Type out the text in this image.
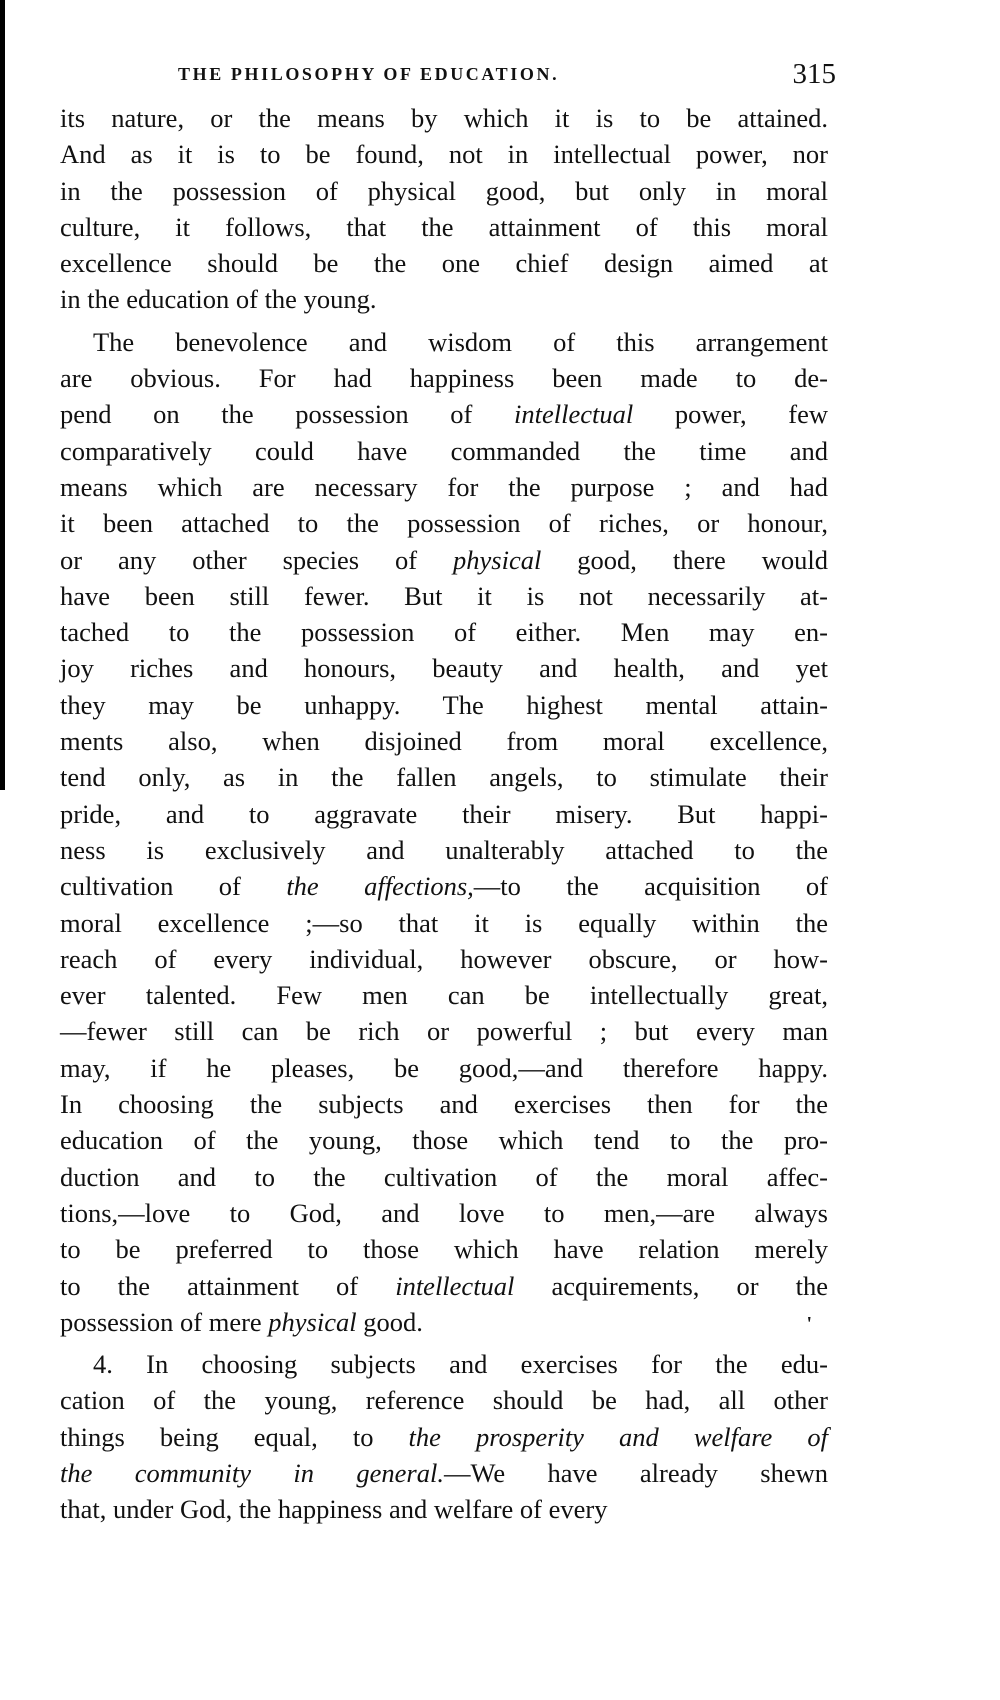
THE PHILOSOPHY OF EDUCATION.	315
its nature, or the means by which it is to be attained.
And as it is to be found, not in intellectual power, nor
in the possession of physical good, but only in moral
culture, it follows, that the attainment of this moral
excellence should be the one chief design aimed at
in the education of the young.
The benevolence and wisdom of this arrangement
are obvious. For had happiness been made to de-
pend on the possession of intellectual power, few
comparatively could have commanded the time and
means which are necessary for the purpose ; and had
it been attached to the possession of riches, or honour,
or any other species of physical good, there would
have been still fewer. But it is not necessarily at-
tached to the possession of either. Men may en-
joy riches and honours, beauty and health, and yet
they may be unhappy. The highest mental attain-
ments also, when disjoined from moral excellence,
tend only, as in the fallen angels, to stimulate their
pride, and to aggravate their misery. But happi-
ness is exclusively and unalterably attached to the
cultivation of the affections,—to the acquisition of
moral excellence ;—so that it is equally within the
reach of every individual, however obscure, or how-
ever talented. Few men can be intellectually great,
—fewer still can be rich or powerful ; but every man
may, if he pleases, be good,—and therefore happy.
In choosing the subjects and exercises then for the
education of the young, those which tend to the pro-
duction and to the cultivation of the moral affec-
tions,—love to God, and love to men,—are always
to be preferred to those which have relation merely
to the attainment of intellectual acquirements, or the
possession of mere physical good.	'
4. In choosing subjects and exercises for the edu-
cation of the young, reference should be had, all other
things being equal, to the prosperity and welfare of
the community in general.—We have already shewn
that, under God, the happiness and welfare of every
